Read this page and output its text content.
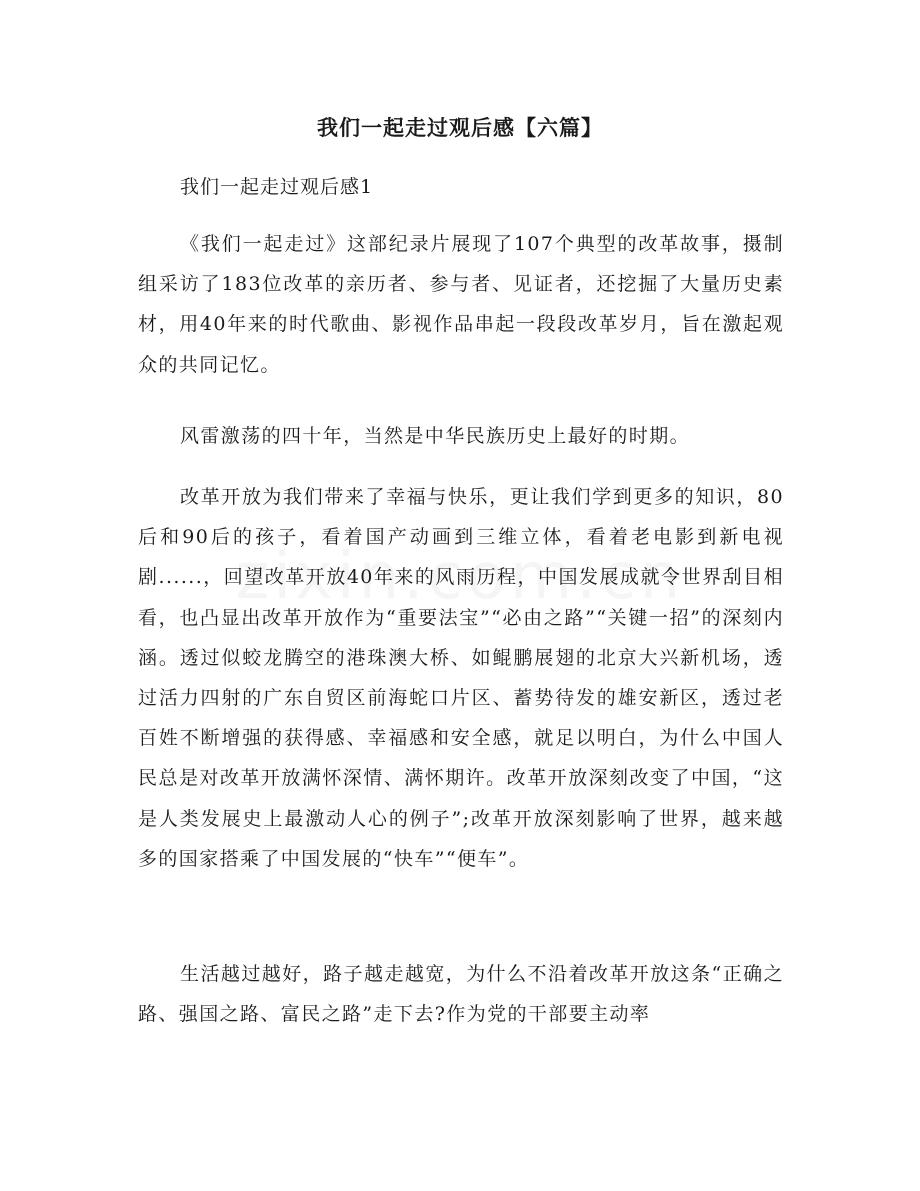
我们一起走过观后感【六篇】

我们一起走过观后感1

《我们一起走过》这部纪录片展现了107个典型的改革故事，摄制组采访了183位改革的亲历者、参与者、见证者，还挖掘了大量历史素材，用40年来的时代歌曲、影视作品串起一段段改革岁月，旨在激起观众的共同记忆。

风雷激荡的四十年，当然是中华民族历史上最好的时期。

改革开放为我们带来了幸福与快乐，更让我们学到更多的知识，80后和90后的孩子，看着国产动画到三维立体，看着老电影到新电视剧......，回望改革开放40年来的风雨历程，中国发展成就令世界刮目相看，也凸显出改革开放作为“重要法宝”“必由之路”“关键一招”的深刻内涵。透过似蛟龙腾空的港珠澳大桥、如鲲鹏展翅的北京大兴新机场，透过活力四射的广东自贸区前海蛇口片区、蓄势待发的雄安新区，透过老百姓不断增强的获得感、幸福感和安全感，就足以明白，为什么中国人民总是对改革开放满怀深情、满怀期许。改革开放深刻改变了中国，“这是人类发展史上最激动人心的例子”;改革开放深刻影响了世界，越来越多的国家搭乘了中国发展的“快车”“便车”。

生活越过越好，路子越走越宽，为什么不沿着改革开放这条“正确之路、强国之路、富民之路”走下去?作为党的干部要主动率
